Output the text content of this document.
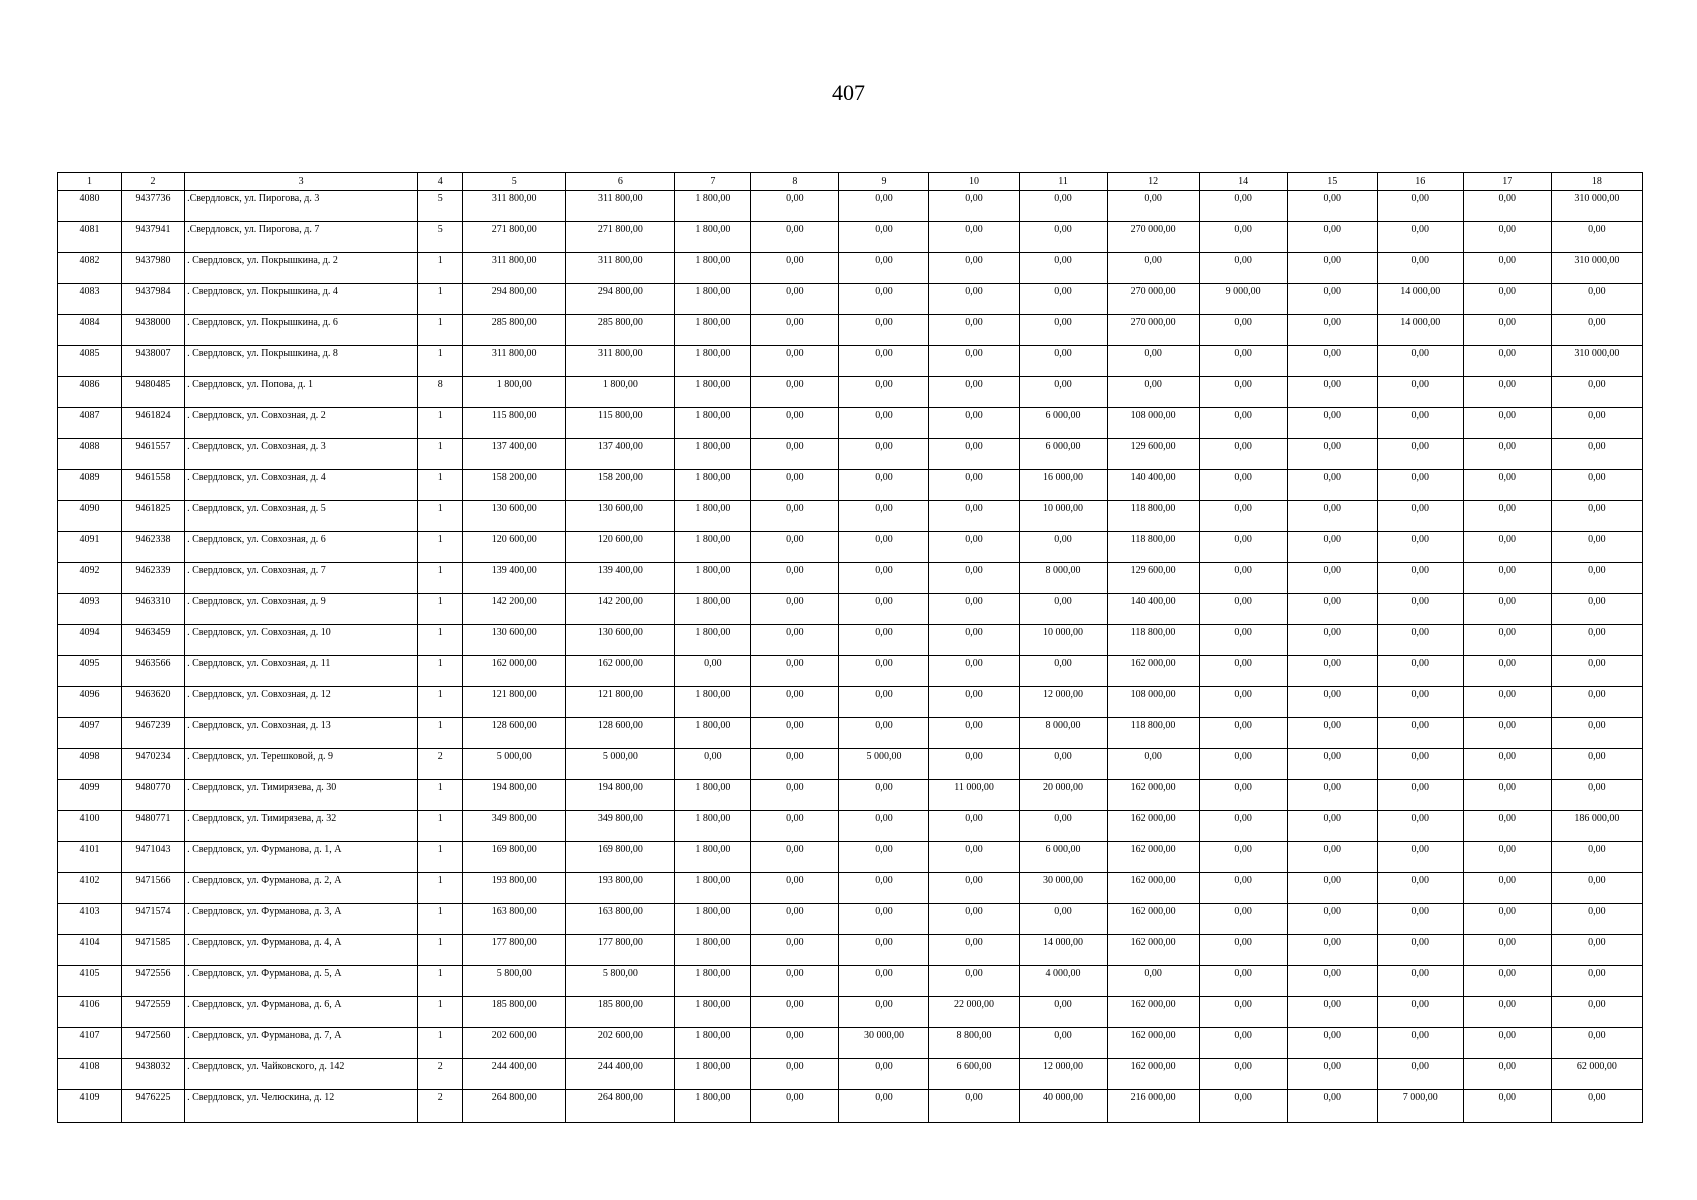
407
1	2	3	4	5	6	7	8	9	10	11	12	14	15	16	17	18
4080	9437736	.Свердловск, ул. Пирогова, д. 3	5	311 800,00	311 800,00	1 800,00	0,00	0,00	0,00	0,00	0,00	0,00	0,00	0,00	0,00	310 000,00
4081	9437941	.Свердловск, ул. Пирогова, д. 7	5	271 800,00	271 800,00	1 800,00	0,00	0,00	0,00	0,00	270 000,00	0,00	0,00	0,00	0,00	0,00
4082	9437980	. Свердловск, ул. Покрышкина, д. 2	1	311 800,00	311 800,00	1 800,00	0,00	0,00	0,00	0,00	0,00	0,00	0,00	0,00	0,00	310 000,00
4083	9437984	. Свердловск, ул. Покрышкина, д. 4	1	294 800,00	294 800,00	1 800,00	0,00	0,00	0,00	0,00	270 000,00	9 000,00	0,00	14 000,00	0,00	0,00
4084	9438000	. Свердловск, ул. Покрышкина, д. 6	1	285 800,00	285 800,00	1 800,00	0,00	0,00	0,00	0,00	270 000,00	0,00	0,00	14 000,00	0,00	0,00
4085	9438007	. Свердловск, ул. Покрышкина, д. 8	1	311 800,00	311 800,00	1 800,00	0,00	0,00	0,00	0,00	0,00	0,00	0,00	0,00	0,00	310 000,00
4086	9480485	. Свердловск, ул. Попова, д. 1	8	1 800,00	1 800,00	1 800,00	0,00	0,00	0,00	0,00	0,00	0,00	0,00	0,00	0,00	0,00
4087	9461824	. Свердловск, ул. Совхозная, д. 2	1	115 800,00	115 800,00	1 800,00	0,00	0,00	0,00	6 000,00	108 000,00	0,00	0,00	0,00	0,00	0,00
4088	9461557	. Свердловск, ул. Совхозная, д. 3	1	137 400,00	137 400,00	1 800,00	0,00	0,00	0,00	6 000,00	129 600,00	0,00	0,00	0,00	0,00	0,00
4089	9461558	. Свердловск, ул. Совхозная, д. 4	1	158 200,00	158 200,00	1 800,00	0,00	0,00	0,00	16 000,00	140 400,00	0,00	0,00	0,00	0,00	0,00
4090	9461825	. Свердловск, ул. Совхозная, д. 5	1	130 600,00	130 600,00	1 800,00	0,00	0,00	0,00	10 000,00	118 800,00	0,00	0,00	0,00	0,00	0,00
4091	9462338	. Свердловск, ул. Совхозная, д. 6	1	120 600,00	120 600,00	1 800,00	0,00	0,00	0,00	0,00	118 800,00	0,00	0,00	0,00	0,00	0,00
4092	9462339	. Свердловск, ул. Совхозная, д. 7	1	139 400,00	139 400,00	1 800,00	0,00	0,00	0,00	8 000,00	129 600,00	0,00	0,00	0,00	0,00	0,00
4093	9463310	. Свердловск, ул. Совхозная, д. 9	1	142 200,00	142 200,00	1 800,00	0,00	0,00	0,00	0,00	140 400,00	0,00	0,00	0,00	0,00	0,00
4094	9463459	. Свердловск, ул. Совхозная, д. 10	1	130 600,00	130 600,00	1 800,00	0,00	0,00	0,00	10 000,00	118 800,00	0,00	0,00	0,00	0,00	0,00
4095	9463566	. Свердловск, ул. Совхозная, д. 11	1	162 000,00	162 000,00	0,00	0,00	0,00	0,00	0,00	162 000,00	0,00	0,00	0,00	0,00	0,00
4096	9463620	. Свердловск, ул. Совхозная, д. 12	1	121 800,00	121 800,00	1 800,00	0,00	0,00	0,00	12 000,00	108 000,00	0,00	0,00	0,00	0,00	0,00
4097	9467239	. Свердловск, ул. Совхозная, д. 13	1	128 600,00	128 600,00	1 800,00	0,00	0,00	0,00	8 000,00	118 800,00	0,00	0,00	0,00	0,00	0,00
4098	9470234	. Свердловск, ул. Терешковой, д. 9	2	5 000,00	5 000,00	0,00	0,00	5 000,00	0,00	0,00	0,00	0,00	0,00	0,00	0,00	0,00
4099	9480770	. Свердловск, ул. Тимирязева, д. 30	1	194 800,00	194 800,00	1 800,00	0,00	0,00	11 000,00	20 000,00	162 000,00	0,00	0,00	0,00	0,00	0,00
4100	9480771	. Свердловск, ул. Тимирязева, д. 32	1	349 800,00	349 800,00	1 800,00	0,00	0,00	0,00	0,00	162 000,00	0,00	0,00	0,00	0,00	186 000,00
4101	9471043	. Свердловск, ул. Фурманова, д. 1, А	1	169 800,00	169 800,00	1 800,00	0,00	0,00	0,00	6 000,00	162 000,00	0,00	0,00	0,00	0,00	0,00
4102	9471566	. Свердловск, ул. Фурманова, д. 2, А	1	193 800,00	193 800,00	1 800,00	0,00	0,00	0,00	30 000,00	162 000,00	0,00	0,00	0,00	0,00	0,00
4103	9471574	. Свердловск, ул. Фурманова, д. 3, А	1	163 800,00	163 800,00	1 800,00	0,00	0,00	0,00	0,00	162 000,00	0,00	0,00	0,00	0,00	0,00
4104	9471585	. Свердловск, ул. Фурманова, д. 4, А	1	177 800,00	177 800,00	1 800,00	0,00	0,00	0,00	14 000,00	162 000,00	0,00	0,00	0,00	0,00	0,00
4105	9472556	. Свердловск, ул. Фурманова, д. 5, А	1	5 800,00	5 800,00	1 800,00	0,00	0,00	0,00	4 000,00	0,00	0,00	0,00	0,00	0,00	0,00
4106	9472559	. Свердловск, ул. Фурманова, д. 6, А	1	185 800,00	185 800,00	1 800,00	0,00	0,00	22 000,00	0,00	162 000,00	0,00	0,00	0,00	0,00	0,00
4107	9472560	. Свердловск, ул. Фурманова, д. 7, А	1	202 600,00	202 600,00	1 800,00	0,00	30 000,00	8 800,00	0,00	162 000,00	0,00	0,00	0,00	0,00	0,00
4108	9438032	. Свердловск, ул. Чайковского, д. 142	2	244 400,00	244 400,00	1 800,00	0,00	0,00	6 600,00	12 000,00	162 000,00	0,00	0,00	0,00	0,00	62 000,00
4109	9476225	. Свердловск, ул. Челюскина, д. 12	2	264 800,00	264 800,00	1 800,00	0,00	0,00	0,00	40 000,00	216 000,00	0,00	0,00	7 000,00	0,00	0,00
